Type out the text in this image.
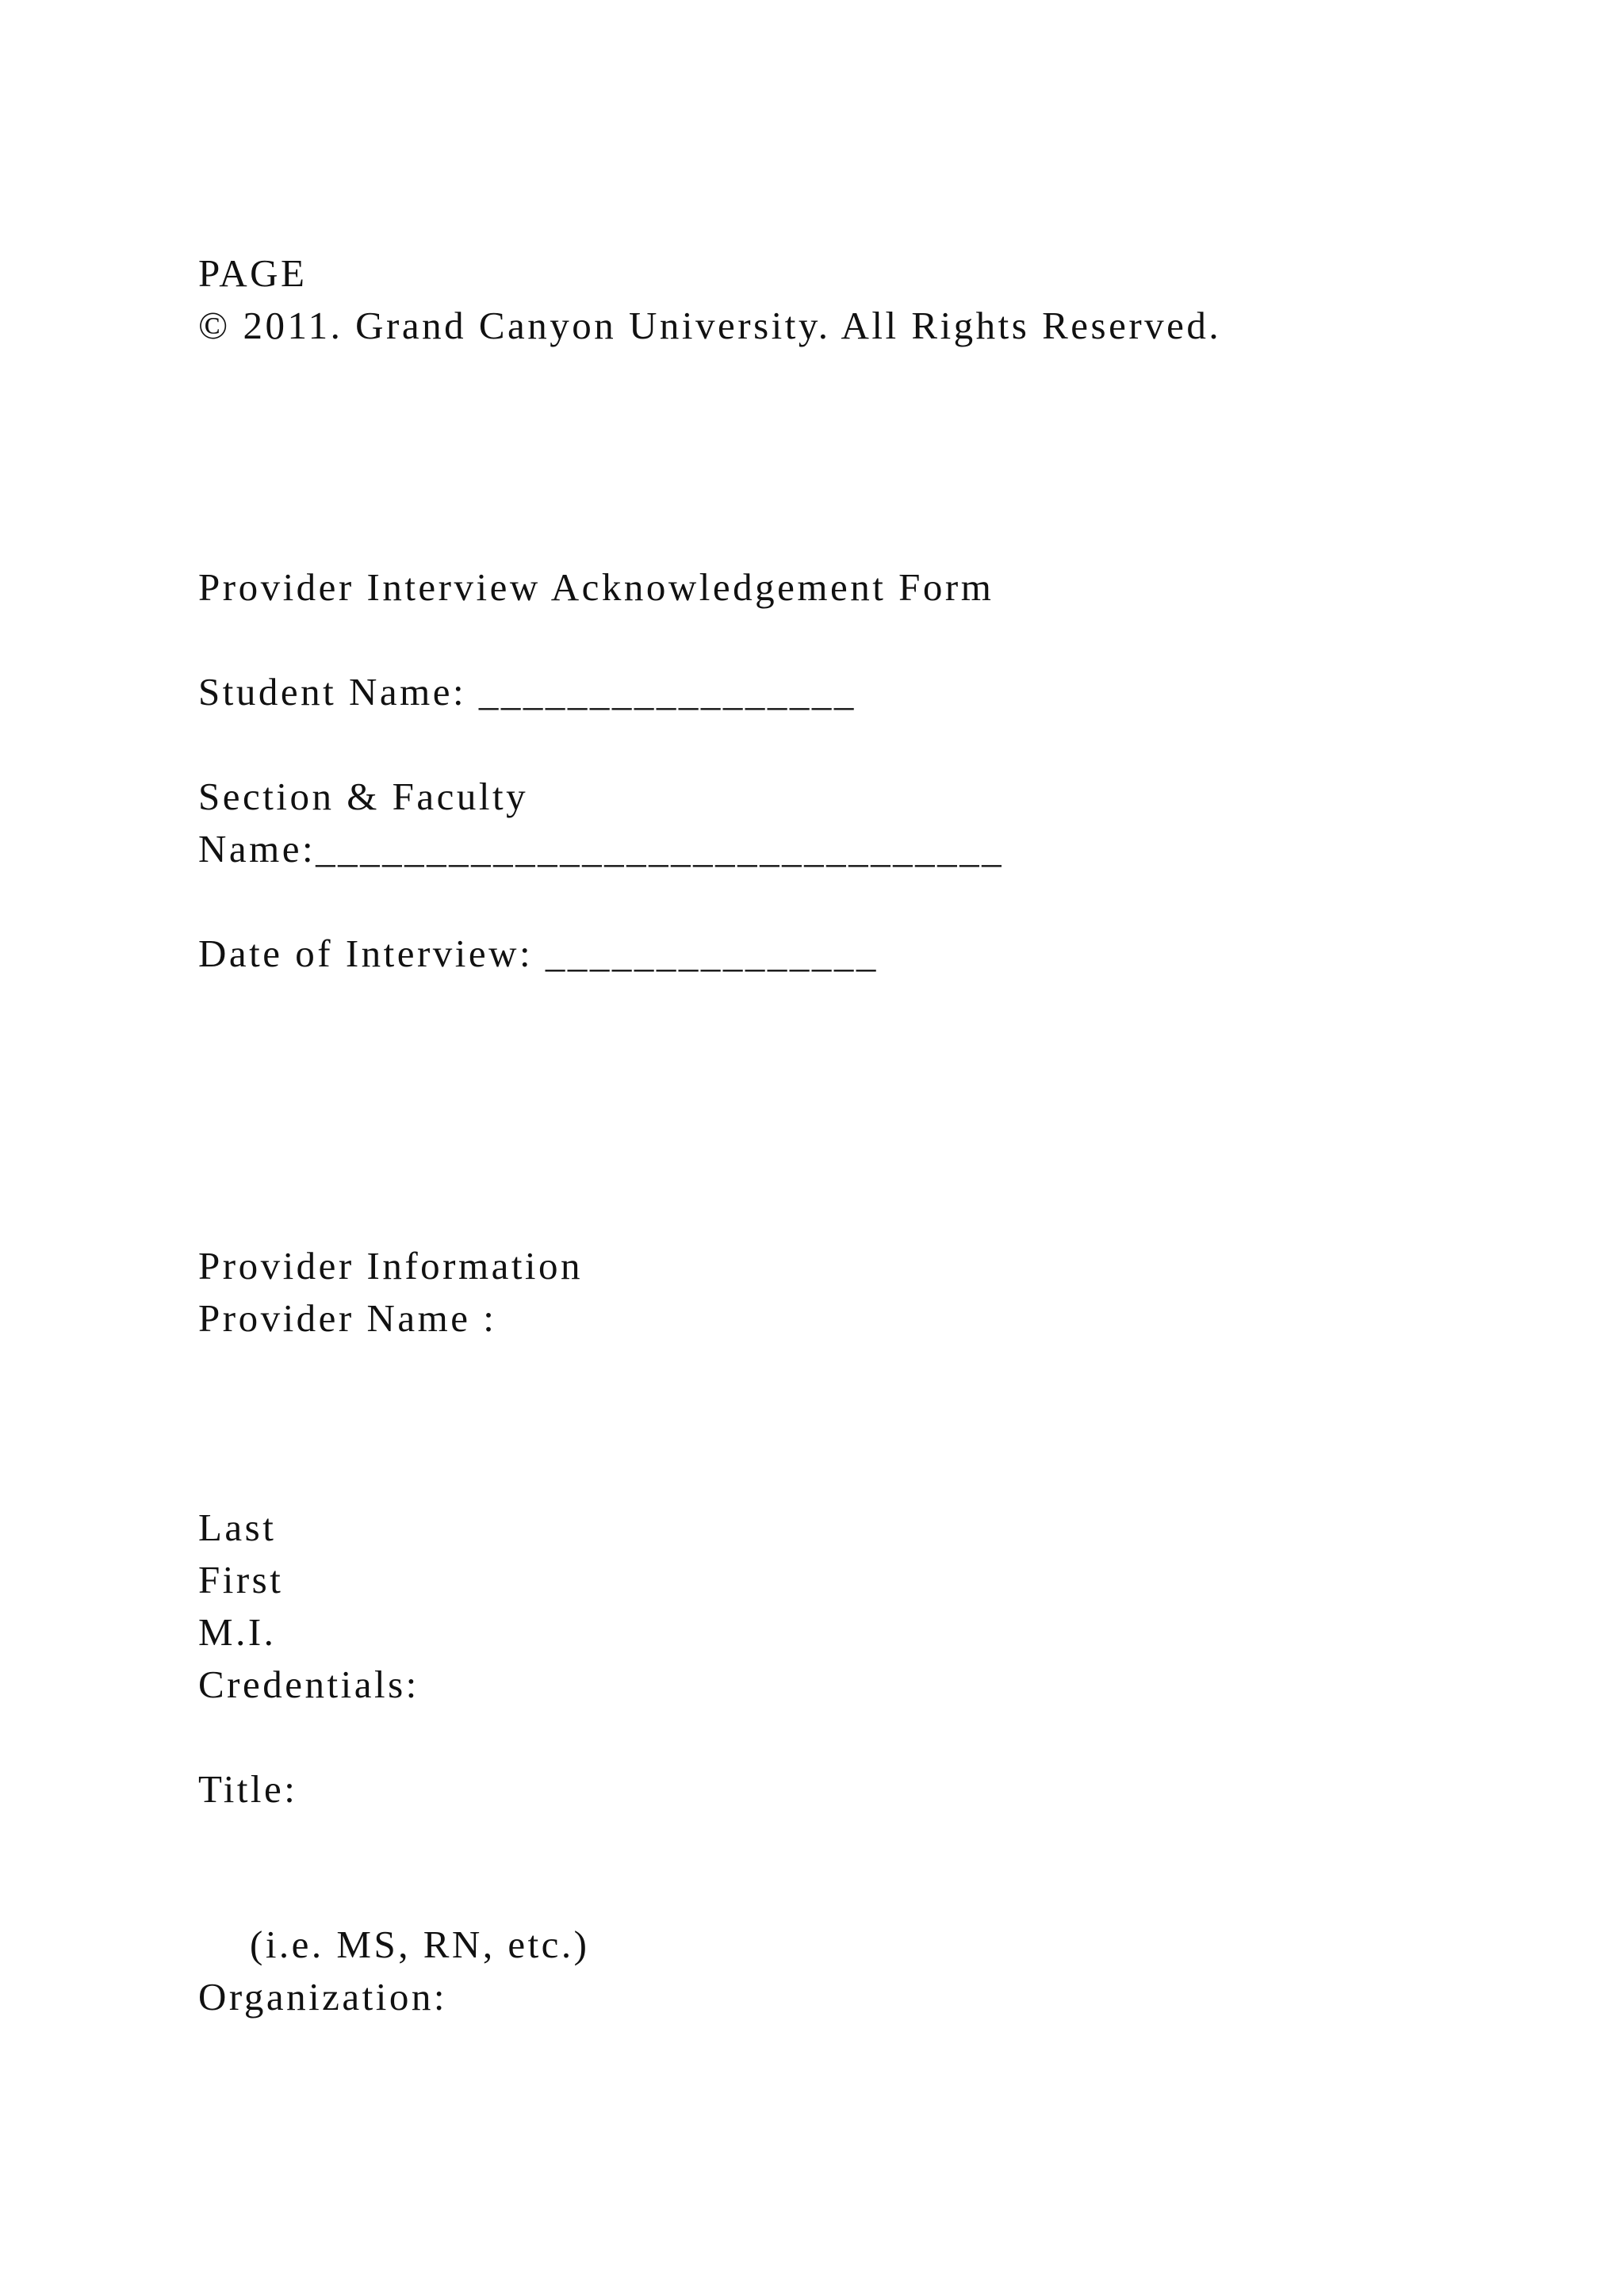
PAGE
© 2011. Grand Canyon University. All Rights Reserved.
Provider Interview Acknowledgement Form
Student Name: _________________
Section & Faculty
Name:_______________________________
Date of Interview: _______________
Provider Information
Provider Name :
Last
First
M.I.
Credentials:
Title:
(i.e. MS, RN, etc.)
Organization:
